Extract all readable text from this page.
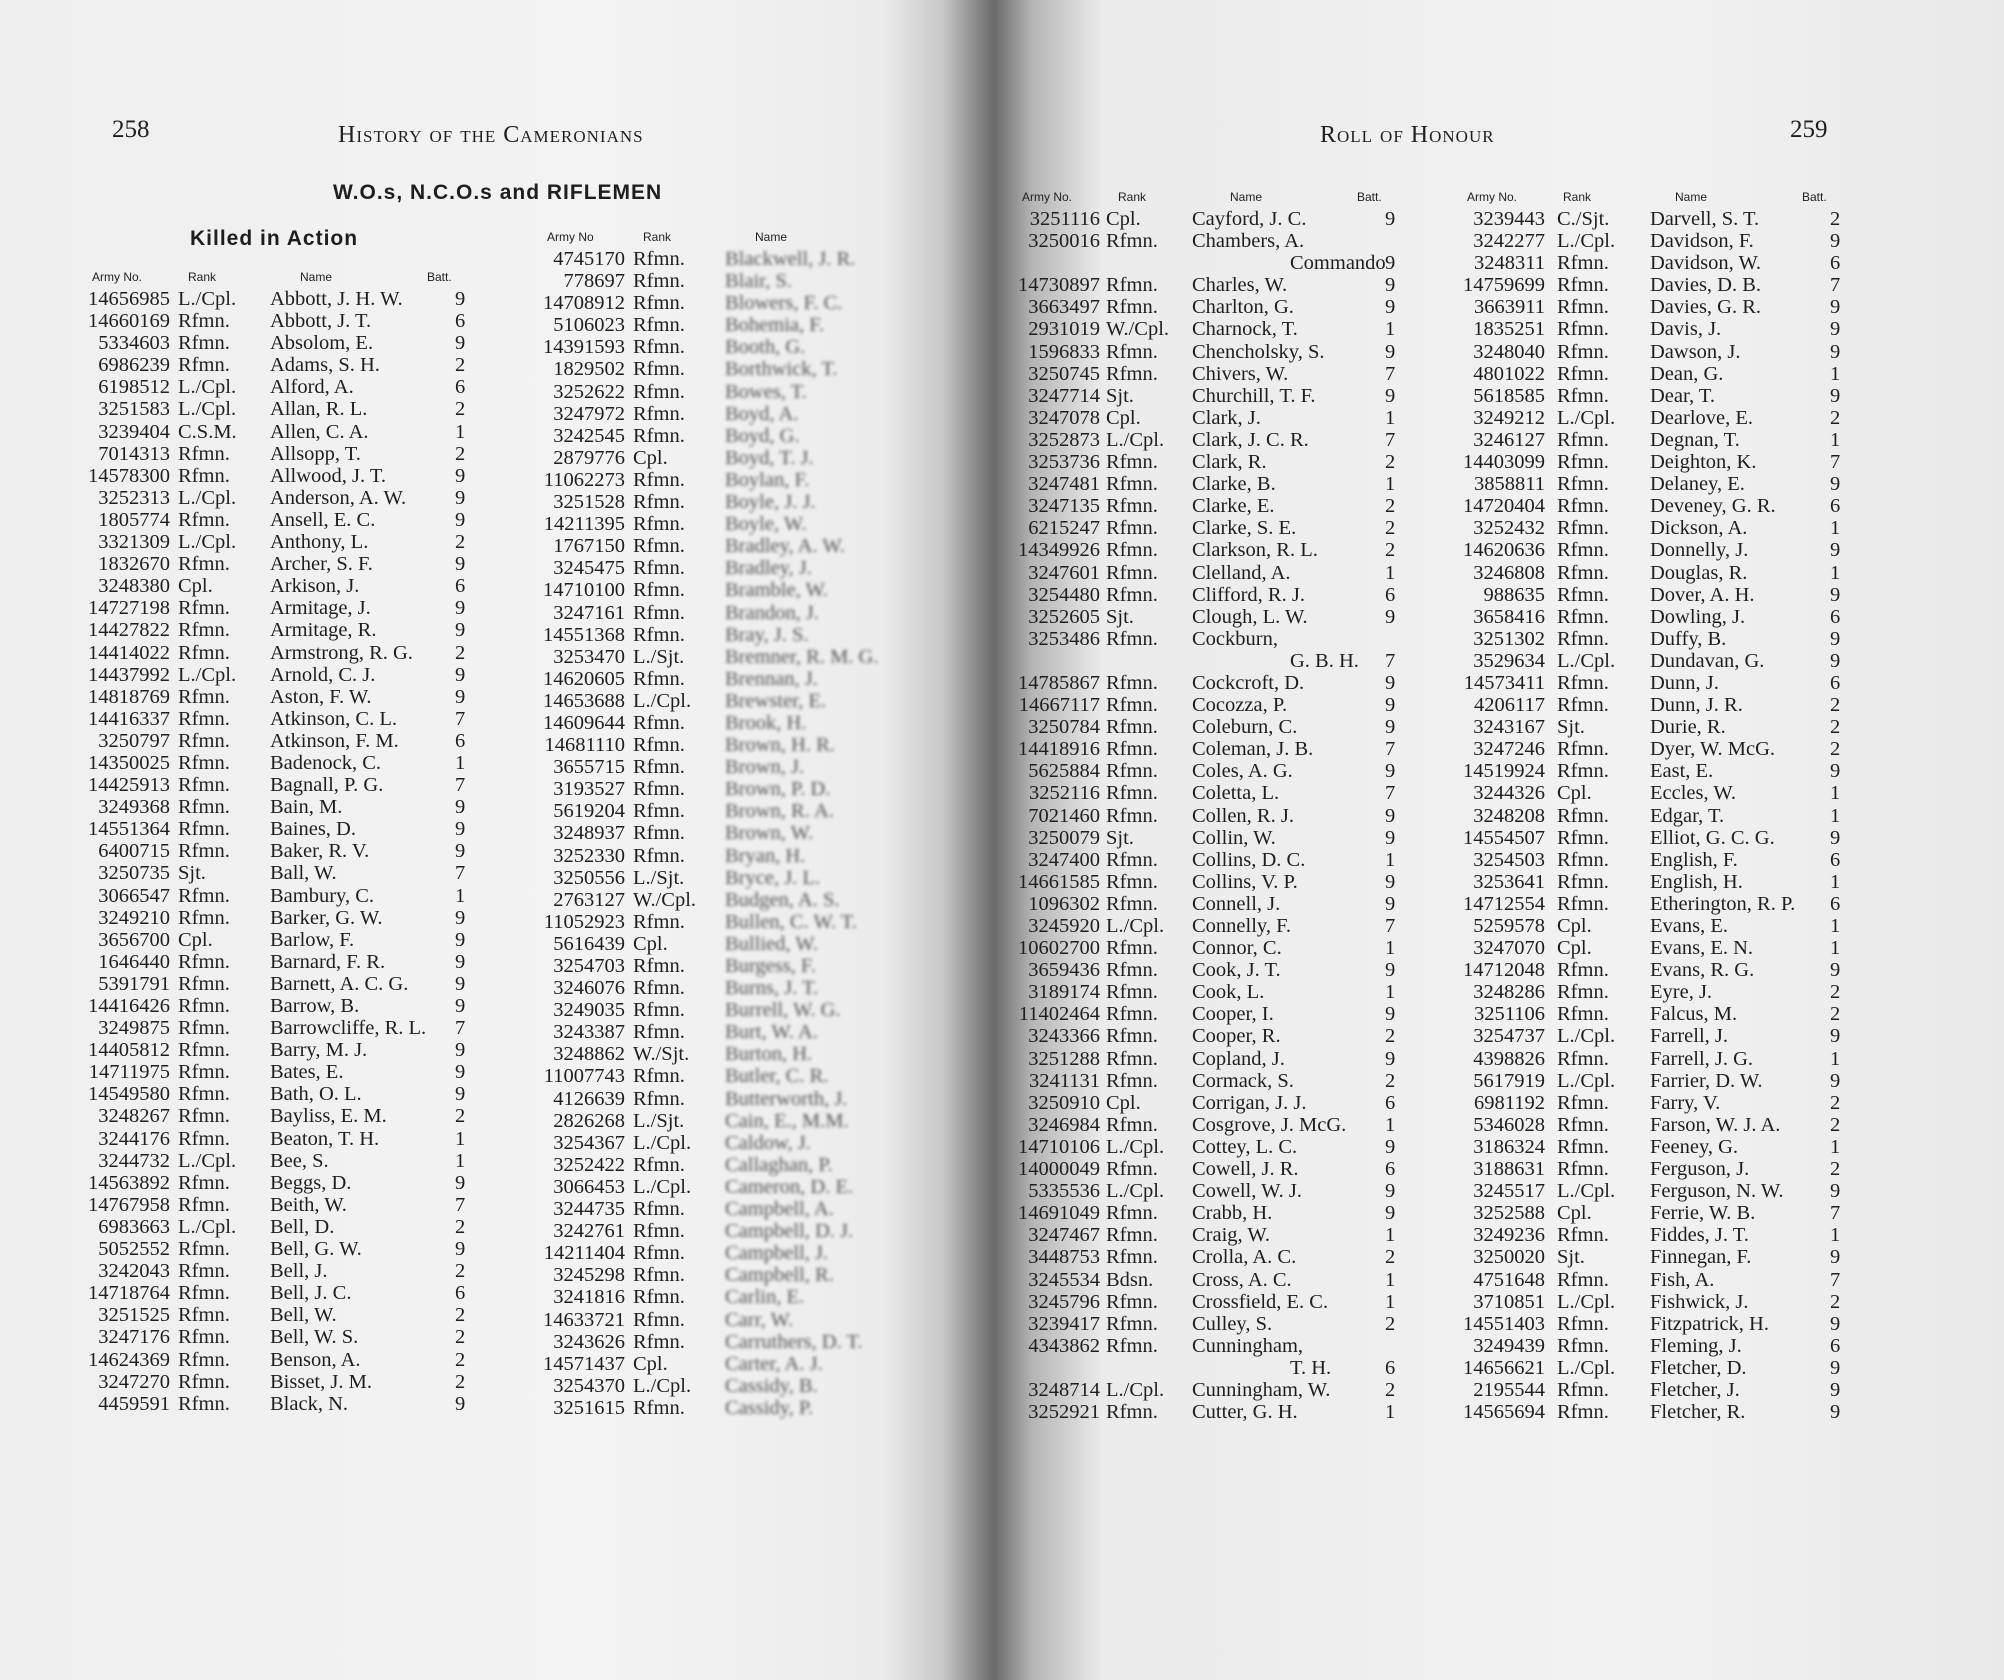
258	History of the Cameronians
W.O.s, N.C.O.s and RIFLEMEN
Killed in Action
Army No.	Rank	Name	Batt.
14656985 L./Cpl. Abbott, J. H. W.	9
14660169 Rfmn. Abbott, J. T.	6
5334603 Rfmn. Absolom, E.	9
6986239 Rfmn. Adams, S. H.	2
6198512 L./Cpl. Alford, A.	6
3251583 L./Cpl. Allan, R. L.	2
3239404 C.S.M. Allen, C. A.	1
7014313 Rfmn. Allsopp, T.	2
14578300 Rfmn. Allwood, J. T.	9
3252313 L./Cpl. Anderson, A. W. 9
1805774 Rfmn. Ansell, E. C.	9
3321309 L./Cpl. Anthony, L.	2
1832670 Rfmn. Archer, S. F.	9
3248380 Cpl.	Arkison, J.	6
14727198 Rfmn. Armitage, J.	9
14427822 Rfmn. Armitage, R.	9
14414022 Rfmn. Armstrong, R. G. 2
14437992 L./Cpl. Arnold, C. J.	9
14818769 Rfmn. Aston, F. W.	9
14416337 Rfmn. Atkinson, C. L.	7
3250797 Rfmn. Atkinson, F. M.	6
14350025 Rfmn. Badenock, C.	1
14425913 Rfmn. Bagnall, P. G.	7
3249368 Rfmn. Bain, M.	9
14551364 Rfmn. Baines, D.	9
6400715 Rfmn. Baker, R. V.	9
3250735 Sjt.	Ball, W.	7
3066547 Rfmn. Bambury, C.	1
3249210 Rfmn. Barker, G. W.	9
3656700 Cpl.	Barlow, F.	9
1646440 Rfmn. Barnard, F. R.	9
5391791 Rfmn. Barnett, A. C. G. 9
14416426 Rfmn. Barrow, B.	9
3249875 Rfmn. Barrowcliffe, R. L. 7
14405812 Rfmn. Barry, M. J.	9
14711975 Rfmn. Bates, E.	9
14549580 Rfmn. Bath, O. L.	9
3248267 Rfmn. Bayliss, E. M.	2
3244176 Rfmn. Beaton, T. H.	1
3244732 L./Cpl. Bee, S.	1
14563892 Rfmn. Beggs, D.	9
14767958 Rfmn. Beith, W.	7
6983663 L./Cpl. Bell, D.	2
5052552 Rfmn. Bell, G. W.	9
3242043 Rfmn. Bell, J.	2
14718764 Rfmn. Bell, J. C.	6
3251525 Rfmn. Bell, W.	2
3247176 Rfmn. Bell, W. S.	2
14624369 Rfmn. Benson, A.	2
3247270 Rfmn. Bisset, J. M.	2
4459591 Rfmn. Black, N.	9
Army No	Rank	Name
4745170 Rfmn. Blackwell, J. R.
778697 Rfmn. Blair, S.
14708912 Rfmn. Blowers, F. C.
5106023 Rfmn. Bohemia, F.
14391593 Rfmn. Booth, G.
1829502 Rfmn. Borthwick, T.
3252622 Rfmn. Bowes, T.
3247972 Rfmn. Boyd, A.
3242545 Rfmn. Boyd, G.
2879776 Cpl.	Boyd, T. J.
11062273 Rfmn. Boylan, F.
3251528 Rfmn. Boyle, J. J.
14211395 Rfmn. Boyle, W.
1767150 Rfmn. Bradley, A. W.
3245475 Rfmn. Bradley, J.
14710100 Rfmn. Bramble, W.
3247161 Rfmn. Brandon, J.
14551368 Rfmn. Bray, J. S.
3253470 L./Sjt. Bremner, R. M. G.
14620605 Rfmn. Brennan, J.
14653688 L./Cpl. Brewster, E.
14609644 Rfmn. Brook, H.
14681110 Rfmn. Brown, H. R.
3655715 Rfmn. Brown, J.
3193527 Rfmn. Brown, P. D.
5619204 Rfmn. Brown, R. A.
3248937 Rfmn. Brown, W.
3252330 Rfmn. Bryan, H.
3250556 L./Sjt. Bryce, J. L.
2763127 W./Cpl. Budgen, A. S.
11052923 Rfmn. Bullen, C. W. T.
5616439 Cpl.	Bullied, W.
3254703 Rfmn. Burgess, F.
3246076 Rfmn. Burns, J. T.
3249035 Rfmn. Burrell, W. G.
3243387 Rfmn. Burt, W. A.
3248862 W./Sjt. Burton, H.
11007743 Rfmn. Butler, C. R.
4126639 Rfmn. Butterworth, J.
2826268 L./Sjt. Cain, E., M.M.
3254367 L./Cpl. Caldow, J.
3252422 Rfmn. Callaghan, P.
3066453 L./Cpl. Cameron, D. E.
3244735 Rfmn. Campbell, A.
3242761 Rfmn. Campbell, D. J.
14211404 Rfmn. Campbell, J.
3245298 Rfmn. Campbell, R.
3241816 Rfmn. Carlin, E.
14633721 Rfmn. Carr, W.
3243626 Rfmn. Carruthers, D. T.
14571437 Cpl.	Carter, A. J.
3254370 L./Cpl. Cassidy, B.
3251615 Rfmn. Cassidy, P.
Roll of Honour	259
Army No.	Rank	Name	Batt.
3251116 Cpl.	Cayford, J. C.	9
3250016 Rfmn. Chambers, A.
Commando 9
14730897 Rfmn. Charles, W.	9
3663497 Rfmn. Charlton, G.	9
2931019 W./Cpl. Charnock, T.	1
1596833 Rfmn. Chencholsky, S.	9
3250745 Rfmn. Chivers, W.	7
3247714 Sjt.	Churchill, T. F.	9
3247078 Cpl.	Clark, J.	1
3252873 L./Cpl. Clark, J. C. R.	7
3253736 Rfmn. Clark, R.	2
3247481 Rfmn. Clarke, B.	1
3247135 Rfmn. Clarke, E.	2
6215247 Rfmn. Clarke, S. E.	2
14349926 Rfmn. Clarkson, R. L.	2
3247601 Rfmn. Clelland, A.	1
3254480 Rfmn. Clifford, R. J.	6
3252605 Sjt.	Clough, L. W.	9
3253486 Rfmn. Cockburn,
G. B. H. 7
14785867 Rfmn. Cockcroft, D.	9
14667117 Rfmn. Cocozza, P.	9
3250784 Rfmn. Coleburn, C.	9
14418916 Rfmn. Coleman, J. B.	7
5625884 Rfmn. Coles, A. G.	9
3252116 Rfmn. Coletta, L.	7
7021460 Rfmn. Collen, R. J.	9
3250079 Sjt.	Collin, W.	9
3247400 Rfmn. Collins, D. C.	1
14661585 Rfmn. Collins, V. P.	9
1096302 Rfmn. Connell, J.	9
3245920 L./Cpl. Connelly, F.	7
10602700 Rfmn. Connor, C.	1
3659436 Rfmn. Cook, J. T.	9
3189174 Rfmn. Cook, L.	1
11402464 Rfmn. Cooper, I.	9
3243366 Rfmn. Cooper, R.	2
3251288 Rfmn. Copland, J.	9
3241131 Rfmn. Cormack, S.	2
3250910 Cpl.	Corrigan, J. J.	6
3246984 Rfmn. Cosgrove, J. McG. 1
14710106 L./Cpl. Cottey, L. C.	9
14000049 Rfmn. Cowell, J. R.	6
5335536 L./Cpl. Cowell, W. J.	9
14691049 Rfmn. Crabb, H.	9
3247467 Rfmn. Craig, W.	1
3448753 Rfmn. Crolla, A. C.	2
3245534 Bdsn. Cross, A. C.	1
3245796 Rfmn. Crossfield, E. C.	1
3239417 Rfmn. Culley, S.	2
4343862 Rfmn. Cunningham,
T. H.	6
3248714 L./Cpl. Cunningham, W.	2
3252921 Rfmn. Cutter, G. H.	1
Army No.	Rank	Name	Batt.
3239443 C./Sjt. Darvell, S. T.	2
3242277 L./Cpl. Davidson, F.	9
3248311 Rfmn. Davidson, W.	6
14759699 Rfmn. Davies, D. B.	7
3663911 Rfmn. Davies, G. R.	9
1835251 Rfmn. Davis, J.	9
3248040 Rfmn. Dawson, J.	9
4801022 Rfmn. Dean, G.	1
5618585 Rfmn. Dear, T.	9
3249212 L./Cpl. Dearlove, E.	2
3246127 Rfmn. Degnan, T.	1
14403099 Rfmn. Deighton, K.	7
3858811 Rfmn. Delaney, E.	9
14720404 Rfmn. Deveney, G. R.	6
3252432 Rfmn. Dickson, A.	1
14620636 Rfmn. Donnelly, J.	9
3246808 Rfmn. Douglas, R.	1
988635 Rfmn. Dover, A. H.	9
3658416 Rfmn. Dowling, J.	6
3251302 Rfmn. Duffy, B.	9
3529634 L./Cpl. Dundavan, G.	9
14573411 Rfmn. Dunn, J.	6
4206117 Rfmn. Dunn, J. R.	2
3243167 Sjt.	Durie, R.	2
3247246 Rfmn. Dyer, W. McG.	2
14519924 Rfmn. East, E.	9
3244326 Cpl.	Eccles, W.	1
3248208 Rfmn. Edgar, T.	1
14554507 Rfmn. Elliot, G. C. G.	9
3254503 Rfmn. English, F.	6
3253641 Rfmn. English, H.	1
14712554 Rfmn. Etherington, R. P. 6
5259578 Cpl.	Evans, E.	1
3247070 Cpl.	Evans, E. N.	1
14712048 Rfmn. Evans, R. G.	9
3248286 Rfmn. Eyre, J.	2
3251106 Rfmn. Falcus, M.	2
3254737 L./Cpl. Farrell, J.	9
4398826 Rfmn. Farrell, J. G.	1
5617919 L./Cpl. Farrier, D. W.	9
6981192 Rfmn. Farry, V.	2
5346028 Rfmn. Farson, W. J. A. 2
3186324 Rfmn. Feeney, G.	1
3188631 Rfmn. Ferguson, J.	2
3245517 L./Cpl. Ferguson, N. W. 9
3252588 Cpl.	Ferrie, W. B.	7
3249236 Rfmn. Fiddes, J. T.	1
3250020 Sjt.	Finnegan, F.	9
4751648 Rfmn. Fish, A.	7
3710851 L./Cpl. Fishwick, J.	2
14551403 Rfmn. Fitzpatrick, H.	9
3249439 Rfmn. Fleming, J.	6
14656621 L./Cpl. Fletcher, D.	9
2195544 Rfmn. Fletcher, J.	9
14565694 Rfmn. Fletcher, R.	9
